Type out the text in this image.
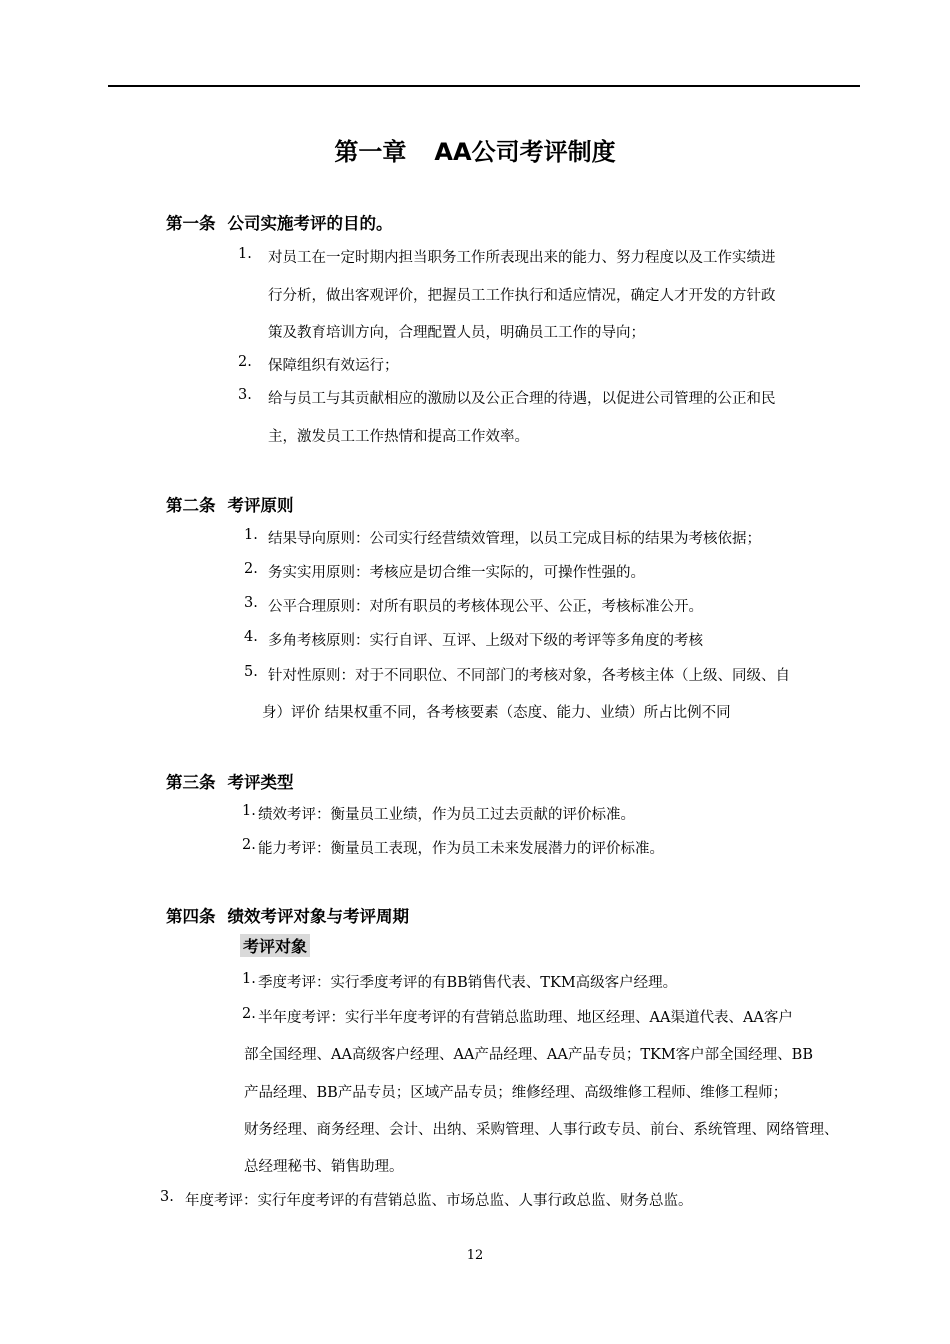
第一章 AA公司考评制度
第一条 公司实施考评的目的。
1. 对员工在一定时期内担当职务工作所表现出来的能力、努力程度以及工作实绩进
行分析，做出客观评价，把握员工工作执行和适应情况，确定人才开发的方针政
策及教育培训方向，合理配置人员，明确员工工作的导向；
2. 保障组织有效运行；
3. 给与员工与其贡献相应的激励以及公正合理的待遇，以促进公司管理的公正和民
主，激发员工工作热情和提高工作效率。
第二条 考评原则
1. 结果导向原则：公司实行经营绩效管理，以员工完成目标的结果为考核依据；
2. 务实实用原则：考核应是切合维一实际的，可操作性强的。
3. 公平合理原则：对所有职员的考核体现公平、公正，考核标准公开。
4. 多角考核原则：实行自评、互评、上级对下级的考评等多角度的考核
5. 针对性原则：对于不同职位、不同部门的考核对象，各考核主体（上级、同级、自
身）评价 结果权重不同，各考核要素（态度、能力、业绩）所占比例不同
第三条 考评类型
1. 绩效考评：衡量员工业绩，作为员工过去贡献的评价标准。
2. 能力考评：衡量员工表现，作为员工未来发展潜力的评价标准。
第四条 绩效考评对象与考评周期
考评对象
1. 季度考评：实行季度考评的有BB销售代表、TKM高级客户经理。
2. 半年度考评：实行半年度考评的有营销总监助理、地区经理、AA渠道代表、AA客户
部全国经理、AA高级客户经理、AA产品经理、AA产品专员；TKM客户部全国经理、BB
产品经理、BB产品专员；区域产品专员；维修经理、高级维修工程师、维修工程师；
财务经理、商务经理、会计、出纳、采购管理、人事行政专员、前台、系统管理、网络管理、
总经理秘书、销售助理。
3. 年度考评：实行年度考评的有营销总监、市场总监、人事行政总监、财务总监。
12
